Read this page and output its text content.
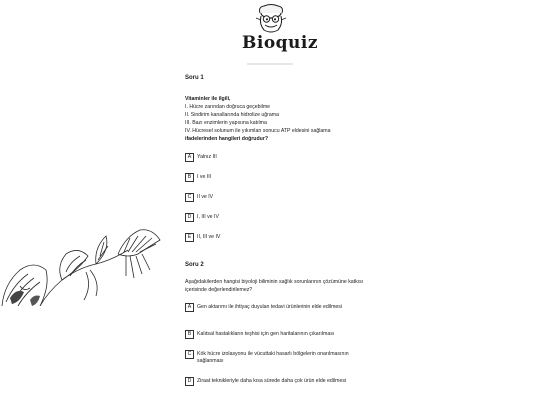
Bioquiz

Soru 1

Vitaminler ile ilgili,

I. Hücre zarından doğruca geçebilme

II. Sindirim kanallarında hidrolize uğrama

III. Bazı enzimlerin yapısına katılma

IV. Hücresel solunum ile yıkımları sonucu ATP eldesini sağlama

ifadelerinden hangileri doğrudur?

A	Yalnız III
B	I ve III
C	II ve IV
D	I, III ve IV
E	II, III ve IV

Soru 2

Aşağıdakilerden hangisi biyoloji biliminin sağlık sorunlarının çözümüne katkısı içerisinde değerlendirilemez?

A	Gen aktarımı ile ihtiyaç duyulan tedavi ürünlerinin elde edilmesi
B	Kalıtsal hastalıkların teşhisi için gen haritalarının çıkarılması
C	Kök hücre izolasyonu ile vücuttaki hasarlı bölgelerin onarılmasının sağlanması
D	Ziraat teknikleriyle daha kısa sürede daha çok ürün elde edilmesi
